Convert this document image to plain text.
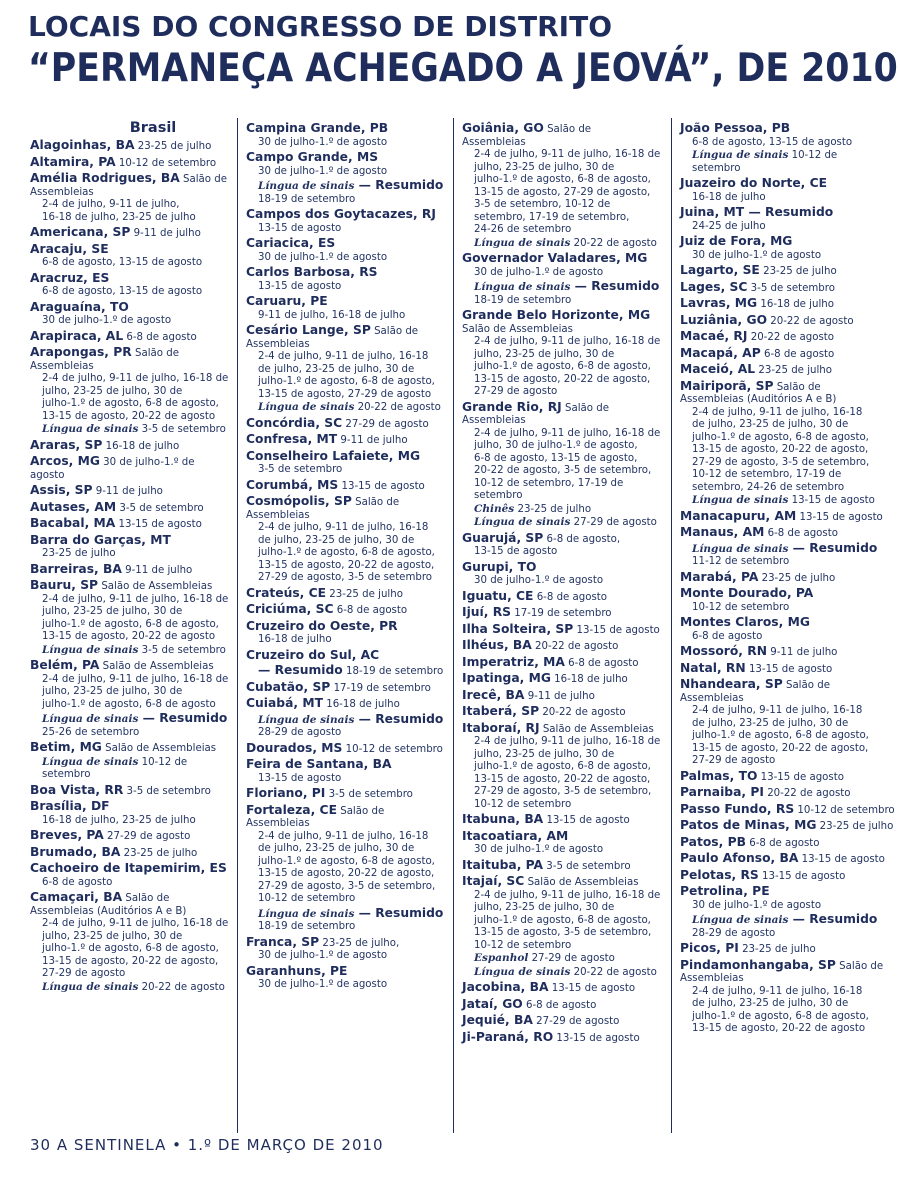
LOCAIS DO CONGRESSO DE DISTRITO
“PERMANEÇA ACHEGADO A JEOVÁ”, DE 2010
Brasil
Alagoinhas, BA 23-25 de julho
Altamira, PA 10-12 de setembro
Amélia Rodrigues, BA Salão de
Assembleias
2-4 de julho, 9-11 de julho,
16-18 de julho, 23-25 de julho
Americana, SP 9-11 de julho
Aracaju, SE
6-8 de agosto, 13-15 de agosto
Aracruz, ES
6-8 de agosto, 13-15 de agosto
Araguaína, TO
30 de julho-1.º de agosto
Arapiraca, AL 6-8 de agosto
Arapongas, PR Salão de
Assembleias
2-4 de julho, 9-11 de julho, 16-18 de
julho, 23-25 de julho, 30 de
julho-1.º de agosto, 6-8 de agosto,
13-15 de agosto, 20-22 de agosto
Língua de sinais 3-5 de setembro
Araras, SP 16-18 de julho
Arcos, MG 30 de julho-1.º de
agosto
Assis, SP 9-11 de julho
Autases, AM 3-5 de setembro
Bacabal, MA 13-15 de agosto
Barra do Garças, MT
23-25 de julho
Barreiras, BA 9-11 de julho
Bauru, SP Salão de Assembleias
2-4 de julho, 9-11 de julho, 16-18 de
julho, 23-25 de julho, 30 de
julho-1.º de agosto, 6-8 de agosto,
13-15 de agosto, 20-22 de agosto
Língua de sinais 3-5 de setembro
Belém, PA Salão de Assembleias
2-4 de julho, 9-11 de julho, 16-18 de
julho, 23-25 de julho, 30 de
julho-1.º de agosto, 6-8 de agosto
Língua de sinais — Resumido
25-26 de setembro
Betim, MG Salão de Assembleias
Língua de sinais 10-12 de
setembro
Boa Vista, RR 3-5 de setembro
Brasília, DF
16-18 de julho, 23-25 de julho
Breves, PA 27-29 de agosto
Brumado, BA 23-25 de julho
Cachoeiro de Itapemirim, ES
6-8 de agosto
Camaçari, BA Salão de
Assembleias (Auditórios A e B)
2-4 de julho, 9-11 de julho, 16-18 de
julho, 23-25 de julho, 30 de
julho-1.º de agosto, 6-8 de agosto,
13-15 de agosto, 20-22 de agosto,
27-29 de agosto
Língua de sinais 20-22 de agosto
Campina Grande, PB
30 de julho-1.º de agosto
Campo Grande, MS
30 de julho-1.º de agosto
Língua de sinais — Resumido
18-19 de setembro
Campos dos Goytacazes, RJ
13-15 de agosto
Cariacica, ES
30 de julho-1.º de agosto
Carlos Barbosa, RS
13-15 de agosto
Caruaru, PE
9-11 de julho, 16-18 de julho
Cesário Lange, SP Salão de
Assembleias
2-4 de julho, 9-11 de julho, 16-18
de julho, 23-25 de julho, 30 de
julho-1.º de agosto, 6-8 de agosto,
13-15 de agosto, 27-29 de agosto
Língua de sinais 20-22 de agosto
Concórdia, SC 27-29 de agosto
Confresa, MT 9-11 de julho
Conselheiro Lafaiete, MG
3-5 de setembro
Corumbá, MS 13-15 de agosto
Cosmópolis, SP Salão de
Assembleias
2-4 de julho, 9-11 de julho, 16-18
de julho, 23-25 de julho, 30 de
julho-1.º de agosto, 6-8 de agosto,
13-15 de agosto, 20-22 de agosto,
27-29 de agosto, 3-5 de setembro
Crateús, CE 23-25 de julho
Criciúma, SC 6-8 de agosto
Cruzeiro do Oeste, PR
16-18 de julho
Cruzeiro do Sul, AC
— Resumido 18-19 de setembro
Cubatão, SP 17-19 de setembro
Cuiabá, MT 16-18 de julho
Língua de sinais — Resumido
28-29 de agosto
Dourados, MS 10-12 de setembro
Feira de Santana, BA
13-15 de agosto
Floriano, PI 3-5 de setembro
Fortaleza, CE Salão de
Assembleias
2-4 de julho, 9-11 de julho, 16-18
de julho, 23-25 de julho, 30 de
julho-1.º de agosto, 6-8 de agosto,
13-15 de agosto, 20-22 de agosto,
27-29 de agosto, 3-5 de setembro,
10-12 de setembro
Língua de sinais — Resumido
18-19 de setembro
Franca, SP 23-25 de julho,
30 de julho-1.º de agosto
Garanhuns, PE
30 de julho-1.º de agosto
Goiânia, GO Salão de
Assembleias
2-4 de julho, 9-11 de julho, 16-18 de
julho, 23-25 de julho, 30 de
julho-1.º de agosto, 6-8 de agosto,
13-15 de agosto, 27-29 de agosto,
3-5 de setembro, 10-12 de
setembro, 17-19 de setembro,
24-26 de setembro
Língua de sinais 20-22 de agosto
Governador Valadares, MG
30 de julho-1.º de agosto
Língua de sinais — Resumido
18-19 de setembro
Grande Belo Horizonte, MG
Salão de Assembleias
2-4 de julho, 9-11 de julho, 16-18 de
julho, 23-25 de julho, 30 de
julho-1.º de agosto, 6-8 de agosto,
13-15 de agosto, 20-22 de agosto,
27-29 de agosto
Grande Rio, RJ Salão de
Assembleias
2-4 de julho, 9-11 de julho, 16-18 de
julho, 30 de julho-1.º de agosto,
6-8 de agosto, 13-15 de agosto,
20-22 de agosto, 3-5 de setembro,
10-12 de setembro, 17-19 de
setembro
Chinês 23-25 de julho
Língua de sinais 27-29 de agosto
Guarujá, SP 6-8 de agosto,
13-15 de agosto
Gurupi, TO
30 de julho-1.º de agosto
Iguatu, CE 6-8 de agosto
Ijuí, RS 17-19 de setembro
Ilha Solteira, SP 13-15 de agosto
Ilhéus, BA 20-22 de agosto
Imperatriz, MA 6-8 de agosto
Ipatinga, MG 16-18 de julho
Irecê, BA 9-11 de julho
Itaberá, SP 20-22 de agosto
Itaboraí, RJ Salão de Assembleias
2-4 de julho, 9-11 de julho, 16-18 de
julho, 23-25 de julho, 30 de
julho-1.º de agosto, 6-8 de agosto,
13-15 de agosto, 20-22 de agosto,
27-29 de agosto, 3-5 de setembro,
10-12 de setembro
Itabuna, BA 13-15 de agosto
Itacoatiara, AM
30 de julho-1.º de agosto
Itaituba, PA 3-5 de setembro
Itajaí, SC Salão de Assembleias
2-4 de julho, 9-11 de julho, 16-18 de
julho, 23-25 de julho, 30 de
julho-1.º de agosto, 6-8 de agosto,
13-15 de agosto, 3-5 de setembro,
10-12 de setembro
Espanhol 27-29 de agosto
Língua de sinais 20-22 de agosto
Jacobina, BA 13-15 de agosto
Jataí, GO 6-8 de agosto
Jequié, BA 27-29 de agosto
Ji-Paraná, RO 13-15 de agosto
João Pessoa, PB
6-8 de agosto, 13-15 de agosto
Língua de sinais 10-12 de
setembro
Juazeiro do Norte, CE
16-18 de julho
Juina, MT — Resumido
24-25 de julho
Juiz de Fora, MG
30 de julho-1.º de agosto
Lagarto, SE 23-25 de julho
Lages, SC 3-5 de setembro
Lavras, MG 16-18 de julho
Luziânia, GO 20-22 de agosto
Macaé, RJ 20-22 de agosto
Macapá, AP 6-8 de agosto
Maceió, AL 23-25 de julho
Mairiporã, SP Salão de
Assembleias (Auditórios A e B)
2-4 de julho, 9-11 de julho, 16-18
de julho, 23-25 de julho, 30 de
julho-1.º de agosto, 6-8 de agosto,
13-15 de agosto, 20-22 de agosto,
27-29 de agosto, 3-5 de setembro,
10-12 de setembro, 17-19 de
setembro, 24-26 de setembro
Língua de sinais 13-15 de agosto
Manacapuru, AM 13-15 de agosto
Manaus, AM 6-8 de agosto
Língua de sinais — Resumido
11-12 de setembro
Marabá, PA 23-25 de julho
Monte Dourado, PA
10-12 de setembro
Montes Claros, MG
6-8 de agosto
Mossoró, RN 9-11 de julho
Natal, RN 13-15 de agosto
Nhandeara, SP Salão de
Assembleias
2-4 de julho, 9-11 de julho, 16-18
de julho, 23-25 de julho, 30 de
julho-1.º de agosto, 6-8 de agosto,
13-15 de agosto, 20-22 de agosto,
27-29 de agosto
Palmas, TO 13-15 de agosto
Parnaiba, PI 20-22 de agosto
Passo Fundo, RS 10-12 de setembro
Patos de Minas, MG 23-25 de julho
Patos, PB 6-8 de agosto
Paulo Afonso, BA 13-15 de agosto
Pelotas, RS 13-15 de agosto
Petrolina, PE
30 de julho-1.º de agosto
Língua de sinais — Resumido
28-29 de agosto
Picos, PI 23-25 de julho
Pindamonhangaba, SP Salão de
Assembleias
2-4 de julho, 9-11 de julho, 16-18
de julho, 23-25 de julho, 30 de
julho-1.º de agosto, 6-8 de agosto,
13-15 de agosto, 20-22 de agosto
30 A SENTINELA • 1.º DE MARÇO DE 2010
